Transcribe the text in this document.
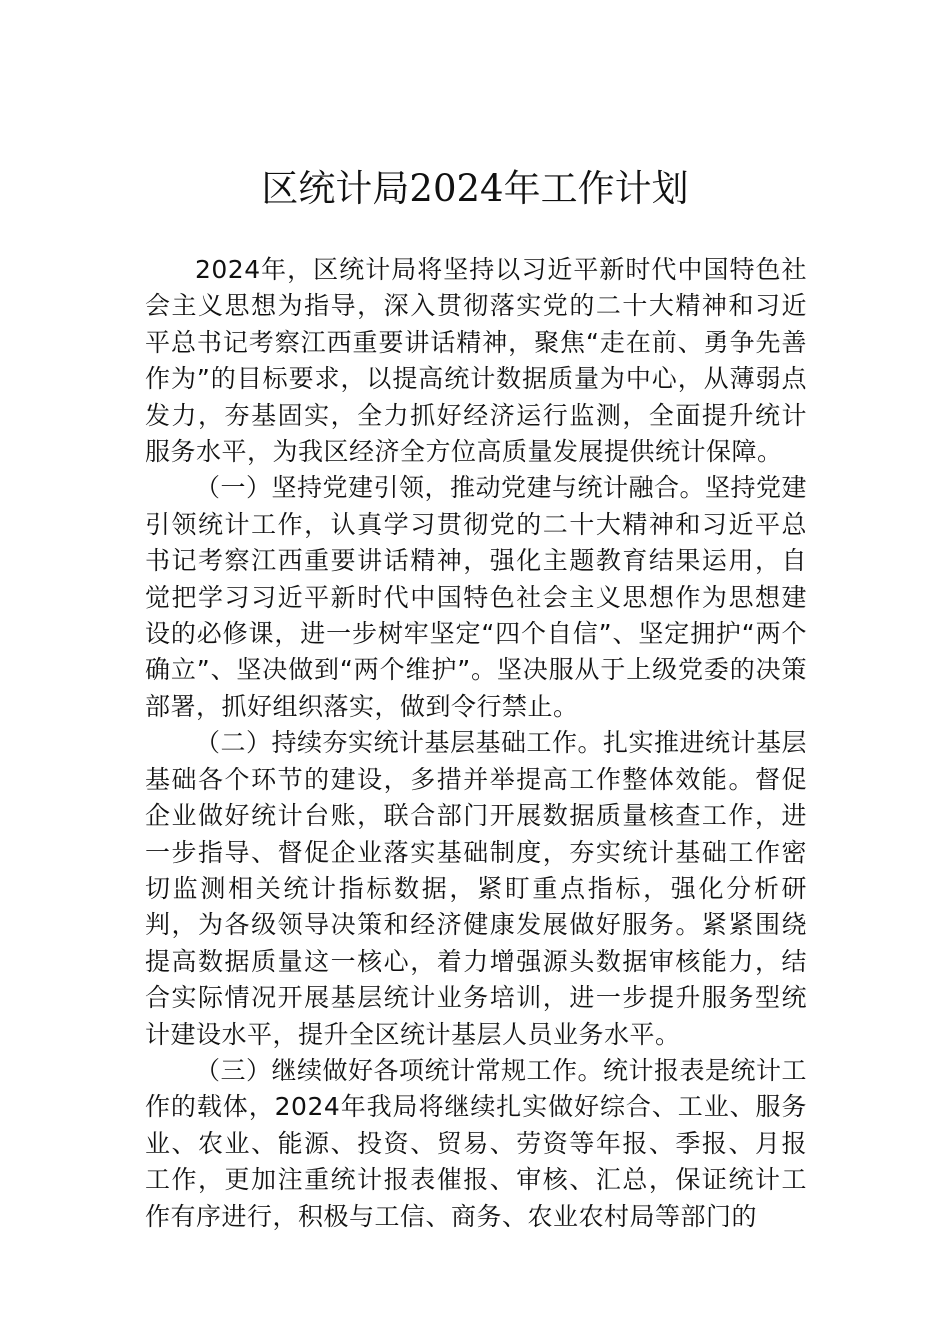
区统计局2024年工作计划

2024年，区统计局将坚持以习近平新时代中国特色社会主义思想为指导，深入贯彻落实党的二十大精神和习近平总书记考察江西重要讲话精神，聚焦“走在前、勇争先善作为”的目标要求，以提高统计数据质量为中心，从薄弱点发力，夯基固实，全力抓好经济运行监测，全面提升统计服务水平，为我区经济全方位高质量发展提供统计保障。

（一）坚持党建引领，推动党建与统计融合。坚持党建引领统计工作，认真学习贯彻党的二十大精神和习近平总书记考察江西重要讲话精神，强化主题教育结果运用，自觉把学习习近平新时代中国特色社会主义思想作为思想建设的必修课，进一步树牢坚定“四个自信”、坚定拥护“两个确立”、坚决做到“两个维护”。坚决服从于上级党委的决策部署，抓好组织落实，做到令行禁止。

（二）持续夯实统计基层基础工作。扎实推进统计基层基础各个环节的建设，多措并举提高工作整体效能。督促企业做好统计台账，联合部门开展数据质量核查工作，进一步指导、督促企业落实基础制度，夯实统计基础工作密切监测相关统计指标数据，紧盯重点指标，强化分析研判，为各级领导决策和经济健康发展做好服务。紧紧围绕提高数据质量这一核心，着力增强源头数据审核能力，结合实际情况开展基层统计业务培训，进一步提升服务型统计建设水平，提升全区统计基层人员业务水平。

（三）继续做好各项统计常规工作。统计报表是统计工作的载体，2024年我局将继续扎实做好综合、工业、服务业、农业、能源、投资、贸易、劳资等年报、季报、月报工作，更加注重统计报表催报、审核、汇总，保证统计工作有序进行，积极与工信、商务、农业农村局等部门的
